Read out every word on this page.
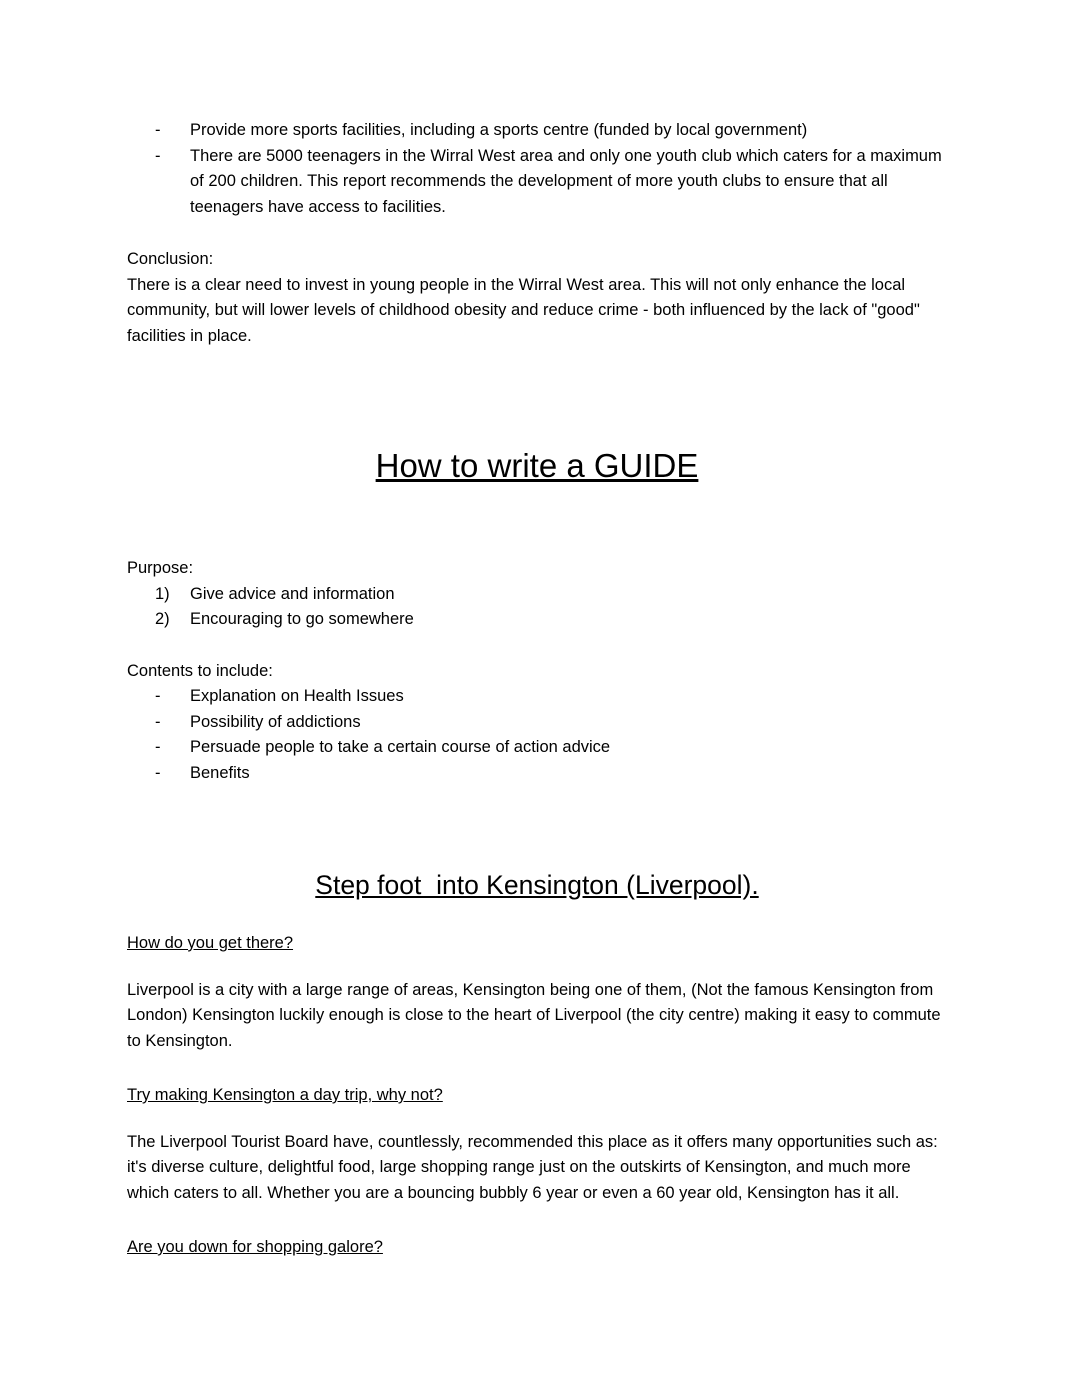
-	Provide more sports facilities, including a sports centre (funded by local government)
-	There are 5000 teenagers in the Wirral West area and only one youth club which caters for a maximum of 200 children. This report recommends the development of more youth clubs to ensure that all teenagers have access to facilities.

Conclusion:

There is a clear need to invest in young people in the Wirral West area. This will not only enhance the local community, but will lower levels of childhood obesity and reduce crime - both influenced by the lack of "good" facilities in place.

How to write a GUIDE

Purpose:

1)	Give advice and information
2)	Encouraging to go somewhere

Contents to include:

-	Explanation on Health Issues
-	Possibility of addictions
-	Persuade people to take a certain course of action advice
-	Benefits
Step foot  into Kensington (Liverpool).
How do you get there?

Liverpool is a city with a large range of areas, Kensington being one of them, (Not the famous Kensington from London) Kensington luckily enough is close to the heart of Liverpool (the city centre) making it easy to commute to Kensington.

Try making Kensington a day trip, why not?

The Liverpool Tourist Board have, countlessly, recommended this place as it offers many opportunities such as: it's diverse culture, delightful food, large shopping range just on the outskirts of Kensington, and much more which caters to all. Whether you are a bouncing bubbly 6 year or even a 60 year old, Kensington has it all.

Are you down for shopping galore?
